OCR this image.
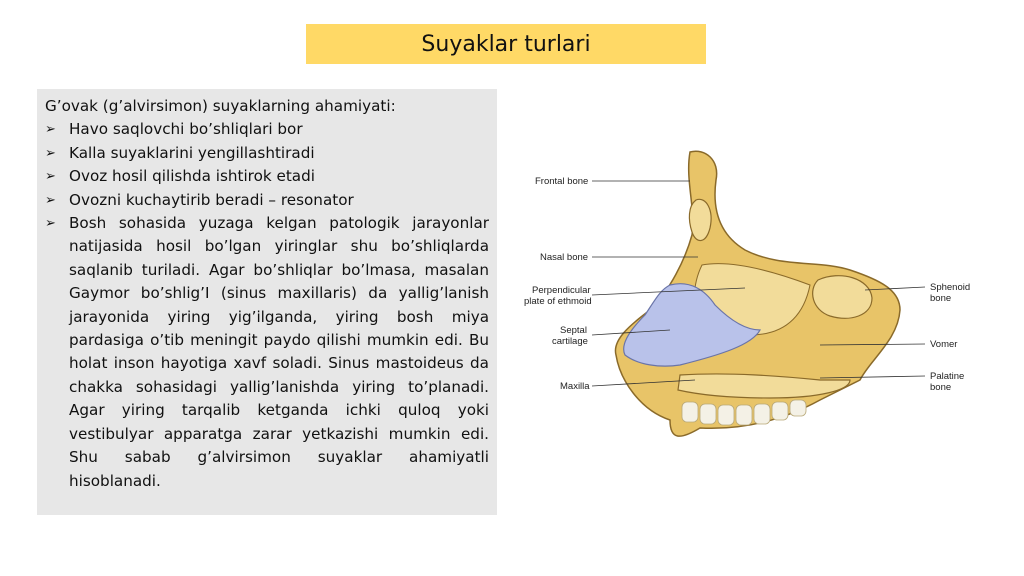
Suyaklar turlari

G’ovak (g’alvirsimon) suyaklarning ahamiyati:

➢ Havo saqlovchi bo’shliqlari bor
➢ Kalla suyaklarini yengillashtiradi
➢ Ovoz hosil qilishda ishtirok etadi
➢ Ovozni kuchaytirib beradi – resonator
➢ Bosh sohasida yuzaga kelgan patologik jarayonlar natijasida hosil bo’lgan yiringlar shu bo’shliqlarda saqlanib turiladi. Agar bo’shliqlar bo’lmasa, masalan Gaymor bo’shlig’I (sinus maxillaris) da yallig’lanish jarayonida yiring yig’ilganda, yiring bosh miya pardasiga o’tib meningit paydo qilishi mumkin edi. Bu holat inson hayotiga xavf soladi. Sinus mastoideus da chakka sohasidagi yallig’lanishda yiring to’planadi. Agar yiring tarqalib ketganda ichki quloq yoki vestibulyar apparatga zarar yetkazishi mumkin edi. Shu sabab g’alvirsimon suyaklar ahamiyatli hisoblanadi.
Frontal bone
Nasal bone
Perpendicular
plate of ethmoid
Septal
cartilage
Maxilla
Sphenoid
bone
Vomer
Palatine
bone
